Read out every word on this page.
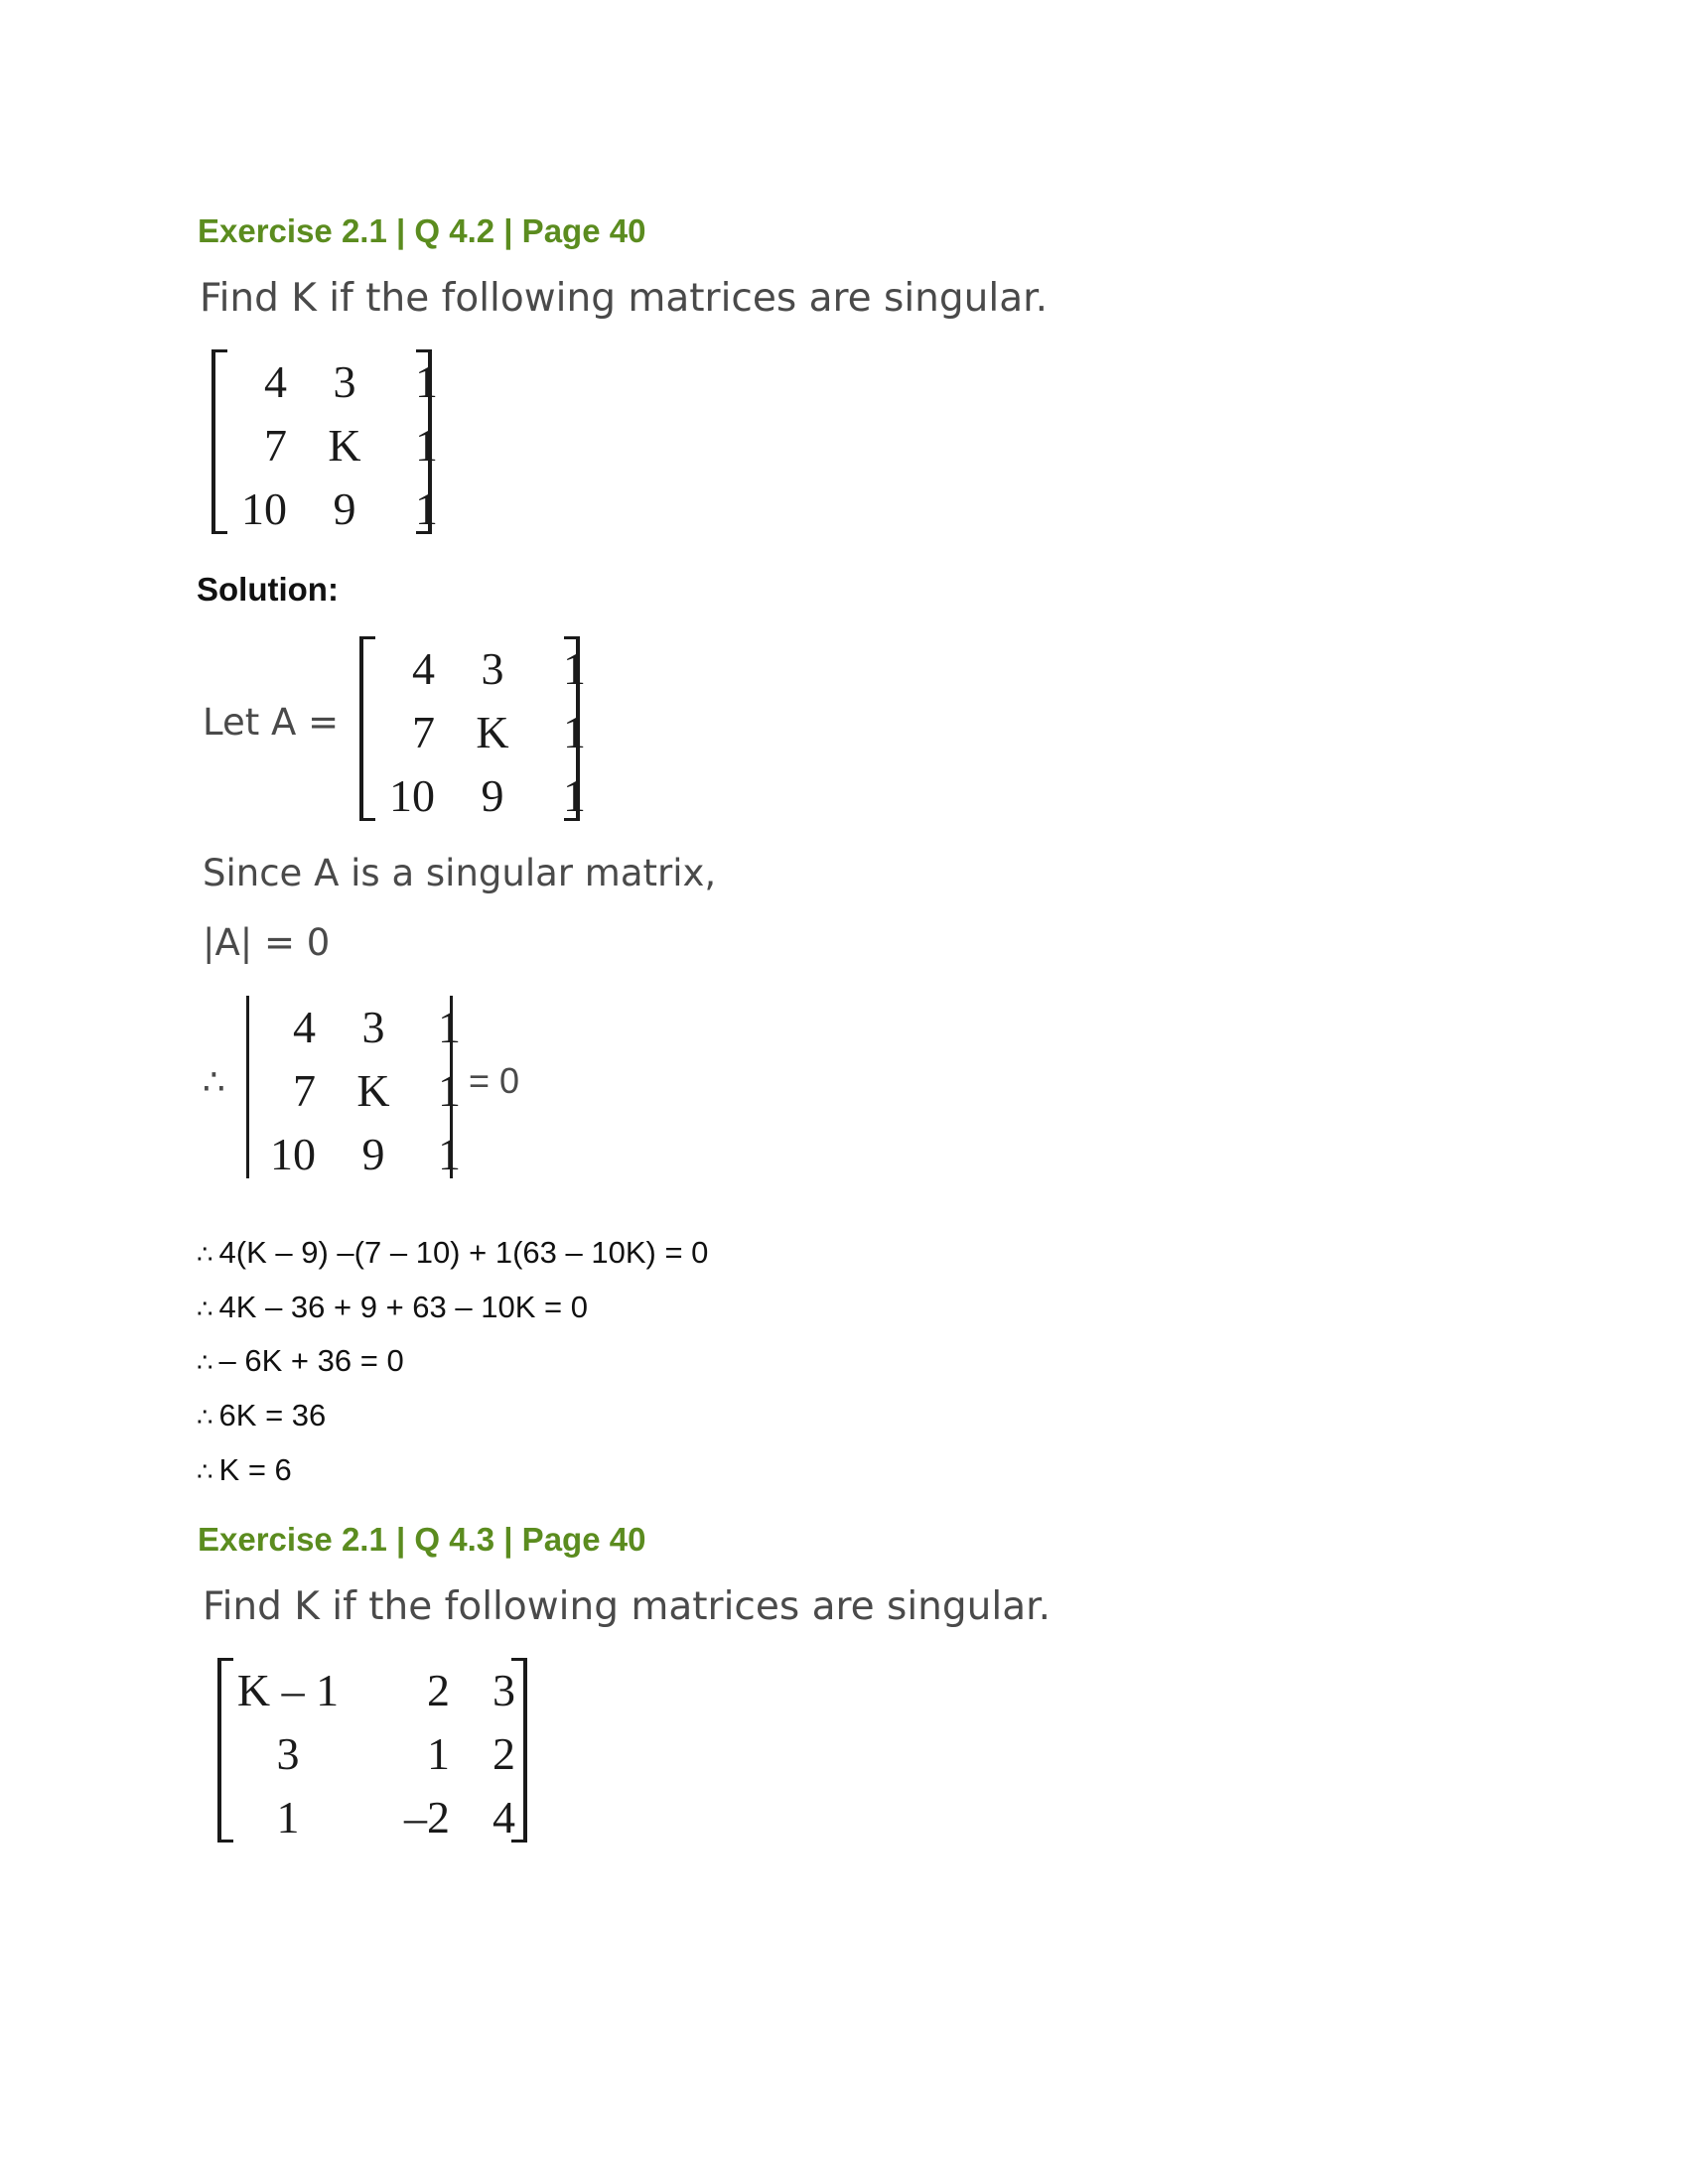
Exercise 2.1 | Q 4.2 | Page 40
Find K if the following matrices are singular.
4	3	1
7 K 1
10	9	1
Solution:
Let A =
4	3	1
7 K 1
10	9	1
Since A is a singular matrix,
|A| = 0
∴
4	3	1
7 K 1
10	9	1
= 0
∴ 4(K – 9) –(7 – 10) + 1(63 – 10K) = 0
∴ 4K – 36 + 9 + 63 – 10K = 0
∴ – 6K + 36 = 0
∴ 6K = 36
∴ K = 6
Exercise 2.1 | Q 4.3 | Page 40
Find K if the following matrices are singular.
K – 1	2 3
3	1 2
1	–2 4
